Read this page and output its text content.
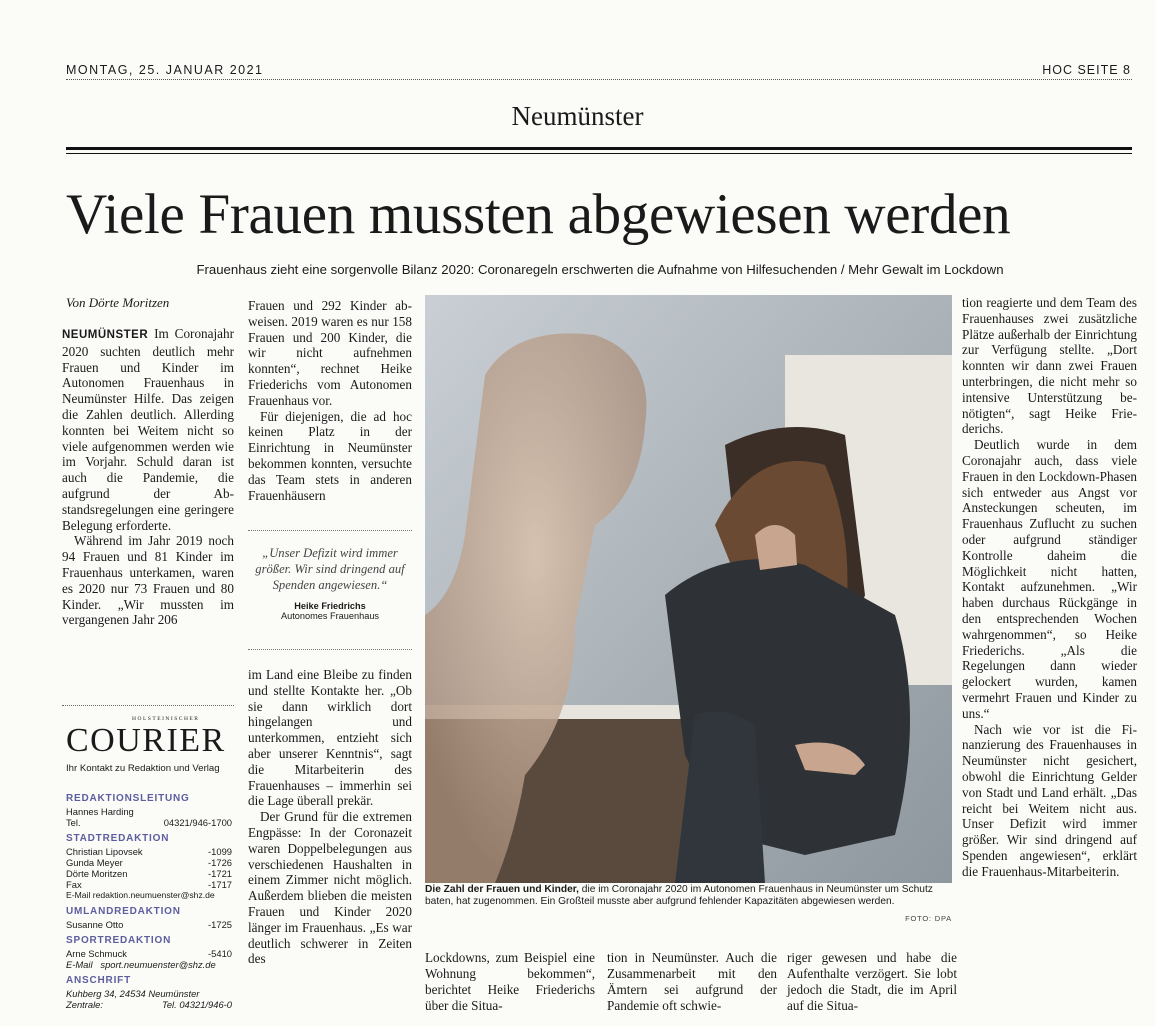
MONTAG, 25. JANUAR 2021	HOC SEITE 8
Neumünster
Viele Frauen mussten abgewiesen werden
Frauenhaus zieht eine sorgenvolle Bilanz 2020: Coronaregeln erschwerten die Aufnahme von Hilfesuchenden / Mehr Gewalt im Lockdown
Von Dörte Moritzen

NEUMÜNSTER Im Coronajahr 2020 suchten deutlich mehr Frauen und Kinder im Autonomen Frauenhaus in Neumünster Hilfe. Das zeigen die Zahlen deutlich. Allerding konnten bei Weitem nicht so viele aufgenommen werden wie im Vorjahr. Schuld daran ist auch die Pandemie, die aufgrund der Abstandsregelungen eine geringere Belegung erforderte.

Während im Jahr 2019 noch 94 Frauen und 81 Kinder im Frauenhaus unterkamen, waren es 2020 nur 73 Frauen und 80 Kinder. „Wir mussten im vergangenen Jahr 206

HOLSTEINISCHER
COURIER
Ihr Kontakt zu Redaktion und Verlag
REDAKTIONSLEITUNG
Hannes Harding
Tel.	04321/946-1700
STADTREDAKTION
Christian Lipovsek	-1099
Gunda Meyer	-1726
Dörte Moritzen	-1721
Fax	-1717
E-Mail redaktion.neumuenster@shz.de
UMLANDREDAKTION
Susanne Otto	-1725
SPORTREDAKTION
Arne Schmuck	-5410
E-Mail sport.neumuenster@shz.de
ANSCHRIFT
Kuhberg 34, 24534 Neumünster
Zentrale:	Tel. 04321/946-0

Frauen und 292 Kinder abweisen. 2019 waren es nur 158 Frauen und 200 Kinder, die wir nicht aufnehmen konnten“, rechnet Heike Friederichs vom Autonomen Frauenhaus vor.

Für diejenigen, die ad hoc keinen Platz in der Einrichtung in Neumünster bekommen konnten, versuchte das Team stets in anderen Frauenhäusern

„Unser Defizit wird immer größer. Wir sind dringend auf Spenden angewiesen.“
Heike Friedrichs
Autonomes Frauenhaus

im Land eine Bleibe zu finden und stellte Kontakte her. „Ob sie dann wirklich dort hingelangen und unterkommen, entzieht sich aber unserer Kenntnis“, sagt die Mitarbeiterin des Frauenhauses – immerhin sei die Lage überall prekär.

Der Grund für die extremen Engpässe: In der Coronazeit waren Doppelbelegungen aus verschiedenen Haushalten in einem Zimmer nicht möglich. Außerdem blieben die meisten Frauen und Kinder 2020 länger im Frauenhaus. „Es war deutlich schwerer in Zeiten des

Die Zahl der Frauen und Kinder, die im Coronajahr 2020 im Autonomen Frauenhaus in Neumünster um Schutz baten, hat zugenommen. Ein Großteil musste aber aufgrund fehlender Kapazitäten abgewiesen werden.
FOTO: DPA

tion reagierte und dem Team des Frauenhauses zwei zusätzliche Plätze außerhalb der Einrichtung zur Verfügung stellte. „Dort konnten wir dann zwei Frauen unterbringen, die nicht mehr so intensive Unterstützung benötigten“, sagt Heike Friederichs.

Deutlich wurde in dem Coronajahr auch, dass viele Frauen in den Lockdown-Phasen sich entweder aus Angst vor Ansteckungen scheuten, im Frauenhaus Zuflucht zu suchen oder aufgrund ständiger Kontrolle daheim die Möglichkeit nicht hatten, Kontakt aufzunehmen. „Wir haben durchaus Rückgänge in den entsprechenden Wochen wahrgenommen“, so Heike Friederichs. „Als die Regelungen dann wieder gelockert wurden, kamen vermehrt Frauen und Kinder zu uns.“

Nach wie vor ist die Finanzierung des Frauenhauses in Neumünster nicht gesichert, obwohl die Einrichtung Gelder von Stadt und Land erhält. „Das reicht bei Weitem nicht aus. Unser Defizit wird immer größer. Wir sind dringend auf Spenden angewiesen“, erklärt die Frauenhaus-Mitarbeiterin.

Lockdowns, zum Beispiel eine Wohnung bekommen“, berichtet Heike Friederichs über die Situa-
tion in Neumünster. Auch die Zusammenarbeit mit den Ämtern sei aufgrund der Pandemie oft schwie-
riger gewesen und habe die Aufenthalte verzögert. Sie lobt jedoch die Stadt, die im April auf die Situa-
